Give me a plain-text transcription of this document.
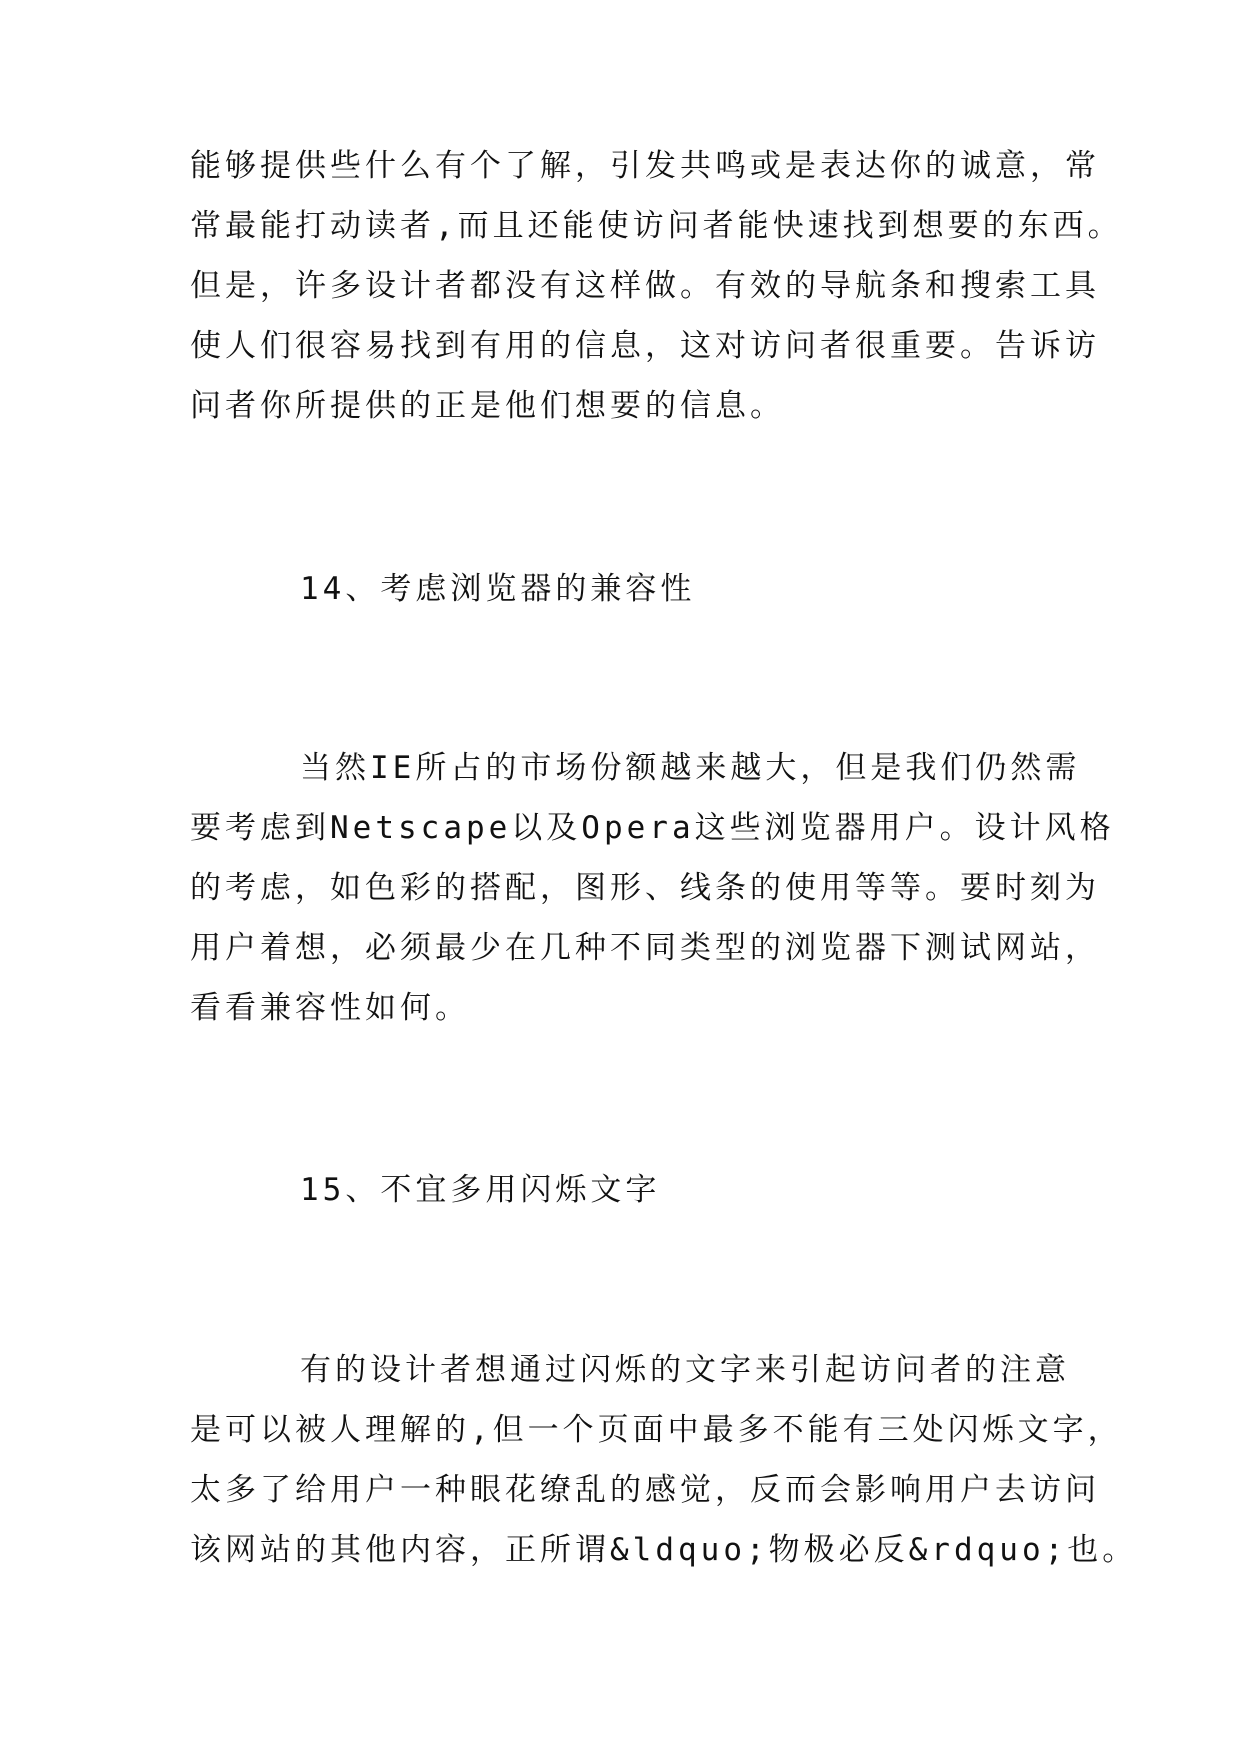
能够提供些什么有个了解，引发共鸣或是表达你的诚意，常
常最能打动读者,而且还能使访问者能快速找到想要的东西。
但是，许多设计者都没有这样做。有效的导航条和搜索工具
使人们很容易找到有用的信息，这对访问者很重要。告诉访
问者你所提供的正是他们想要的信息。
14、考虑浏览器的兼容性
当然IE所占的市场份额越来越大，但是我们仍然需
要考虑到Netscape以及Opera这些浏览器用户。设计风格
的考虑，如色彩的搭配，图形、线条的使用等等。要时刻为
用户着想，必须最少在几种不同类型的浏览器下测试网站，
看看兼容性如何。
15、不宜多用闪烁文字
有的设计者想通过闪烁的文字来引起访问者的注意
是可以被人理解的,但一个页面中最多不能有三处闪烁文字，
太多了给用户一种眼花缭乱的感觉，反而会影响用户去访问
该网站的其他内容，正所谓&ldquo;物极必反&rdquo;也。
